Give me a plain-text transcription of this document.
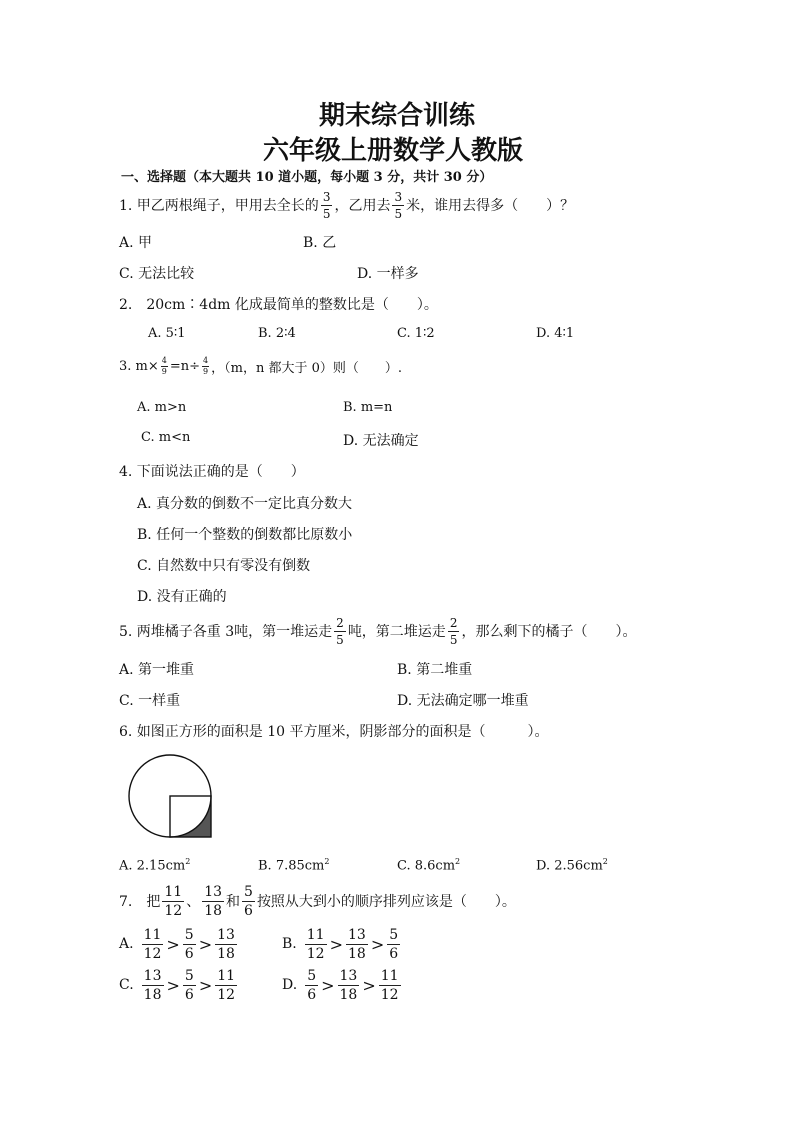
期末综合训练
六年级上册数学人教版
一、选择题（本大题共 10 道小题，每小题 3 分，共计 30 分）
1. 甲乙两根绳子，甲用去全长的 $\frac{3}{5}$ ，乙用去 $\frac{3}{5}$ 米，谁用去得多（　　）？
A. 甲	B. 乙
C. 无法比较	D. 一样多
2.　20cm∶4dm 化成最简单的整数比是（　　）。
A. 5∶1	B. 2∶4	C. 1∶2	D. 4∶1
3. $m\times \frac{4}{9} =n\div \frac{4}{9}$ ，（m，n 都大于 0）则（　　）.
A. m>n	B. m=n
C. m<n	D. 无法确定
4. 下面说法正确的是（　　）
A. 真分数的倒数不一定比真分数大
B. 任何一个整数的倒数都比原数小
C. 自然数中只有零没有倒数
D. 没有正确的
5. 两堆橘子各重 3吨，第一堆运走 $\frac{2}{5}$ 吨，第二堆运走 $\frac{2}{5}$ ，那么剩下的橘子（　　）。
A. 第一堆重	B. 第二堆重
C. 一样重	D. 无法确定哪一堆重
6. 如图正方形的面积是 10 平方厘米，阴影部分的面积是（　　　）。
A. $2.15cm^2$	B. $7.85cm^2$	C. $8.6cm^2$	D. $2.56cm^2$
7.　把 $\frac{11}{12}$ 、 $\frac{13}{18}$ 和 $\frac{5}{6}$ 按照从大到小的顺序排列应该是（　　）。
A. $\frac{11}{12} > \frac{5}{6} > \frac{13}{18}$	B. $\frac{11}{12} > \frac{13}{18} > \frac{5}{6}$
C. $\frac{13}{18} > \frac{5}{6} > \frac{11}{12}$	D. $\frac{5}{6} > \frac{13}{18} > \frac{11}{12}$
